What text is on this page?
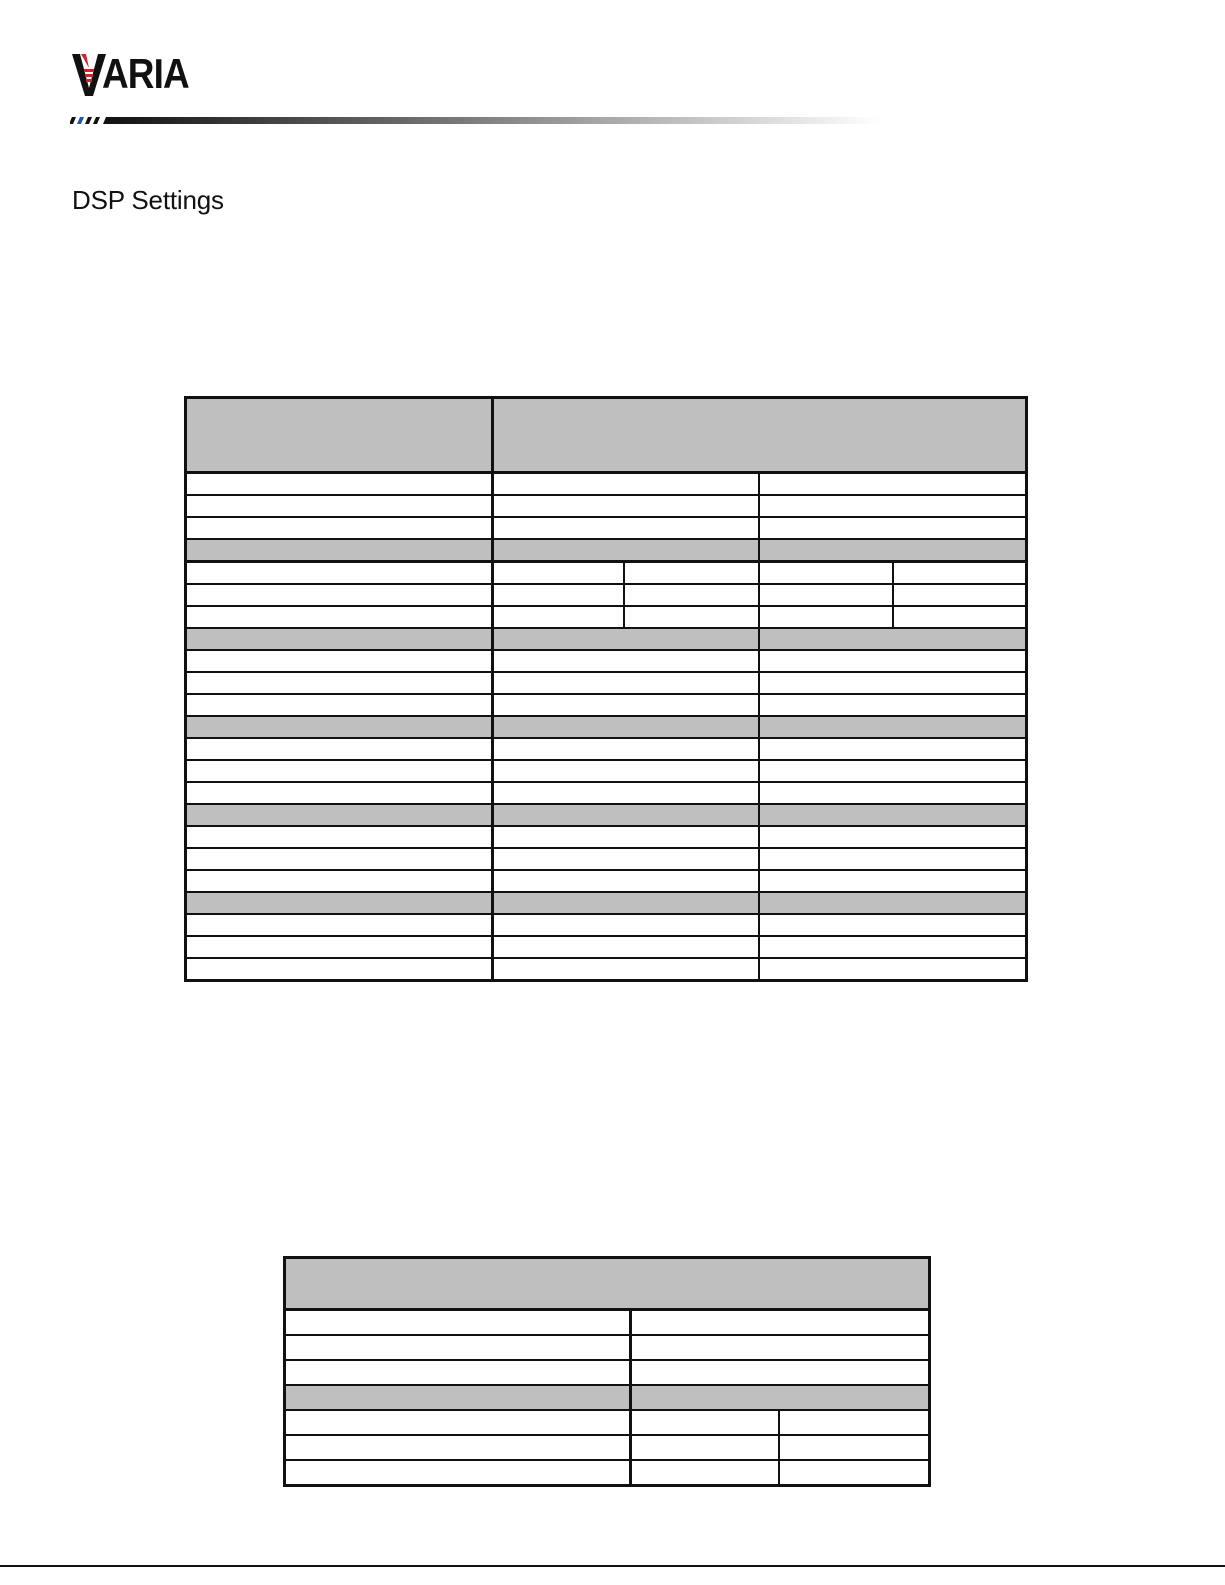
ARIA
DSP Settings
